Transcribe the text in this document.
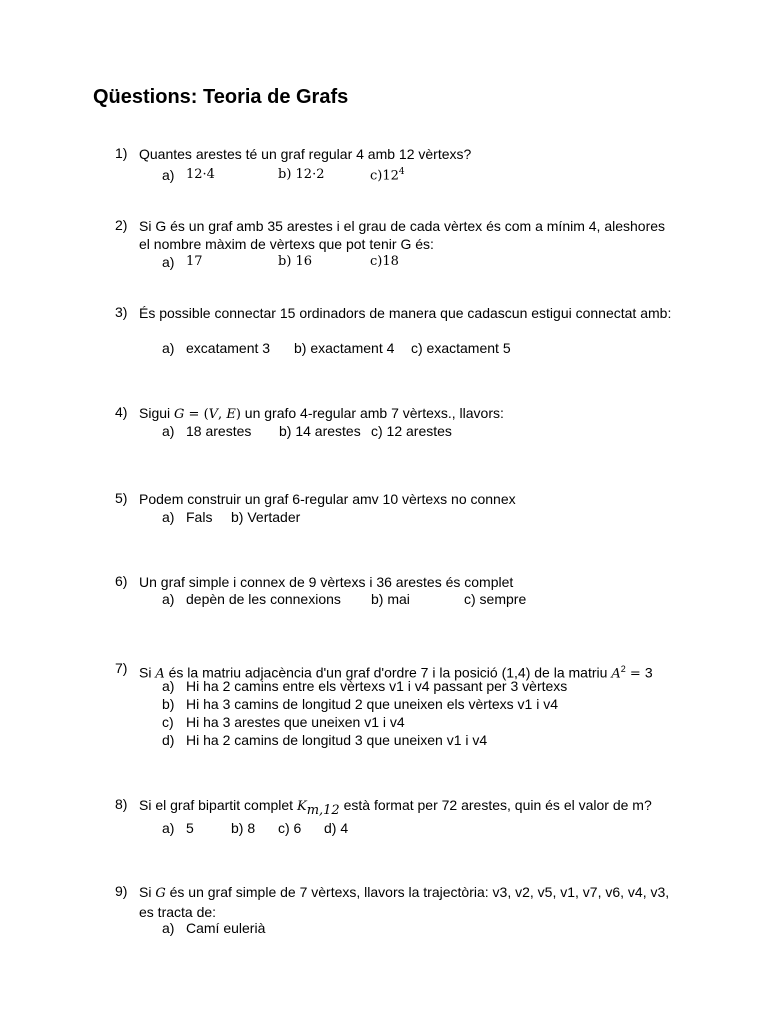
Qüestions: Teoria de Grafs
1) Quantes arestes té un graf regular 4 amb 12 vèrtexs?
a) 12·4	b) 12·2	$c)12^4$
2) Si G és un graf amb 35 arestes i el grau de cada vèrtex és com a mínim 4, aleshores el nombre màxim de vèrtexs que pot tenir G és:
a) 17	b) 16	c)18
3) És possible connectar 15 ordinadors de manera que cadascun estigui connectat amb:
a) excatament 3 b) exactament 4 c) exactament 5
4) Sigui G = (V, E) un grafo 4-regular amb 7 vèrtexs., llavors:
a) 18 arestes b) 14 arestes c) 12 arestes
5) Podem construir un graf 6-regular amv 10 vèrtexs no connex
a) Fals b) Vertader
6) Un graf simple i connex de 9 vèrtexs i 36 arestes és complet
a) depèn de les connexions b) mai	c) sempre
7) Si A és la matriu adjacència d'un graf d'ordre 7 i la posició (1,4) de la matriu $A^2 = 3$
a) Hi ha 2 camins entre els vèrtexs v1 i v4 passant per 3 vèrtexs
b) Hi ha 3 camins de longitud 2 que uneixen els vèrtexs v1 i v4
c) Hi ha 3 arestes que uneixen v1 i v4
d) Hi ha 2 camins de longitud 3 que uneixen v1 i v4
8) Si el graf bipartit complet $K_{m,12}$ està format per 72 arestes, quin és el valor de m?
a) 5	b) 8 c) 6 d) 4
9) Si G és un graf simple de 7 vèrtexs, llavors la trajectòria: v3, v2, v5, v1, v7, v6, v4, v3, es tracta de:
a) Camí eulerià
